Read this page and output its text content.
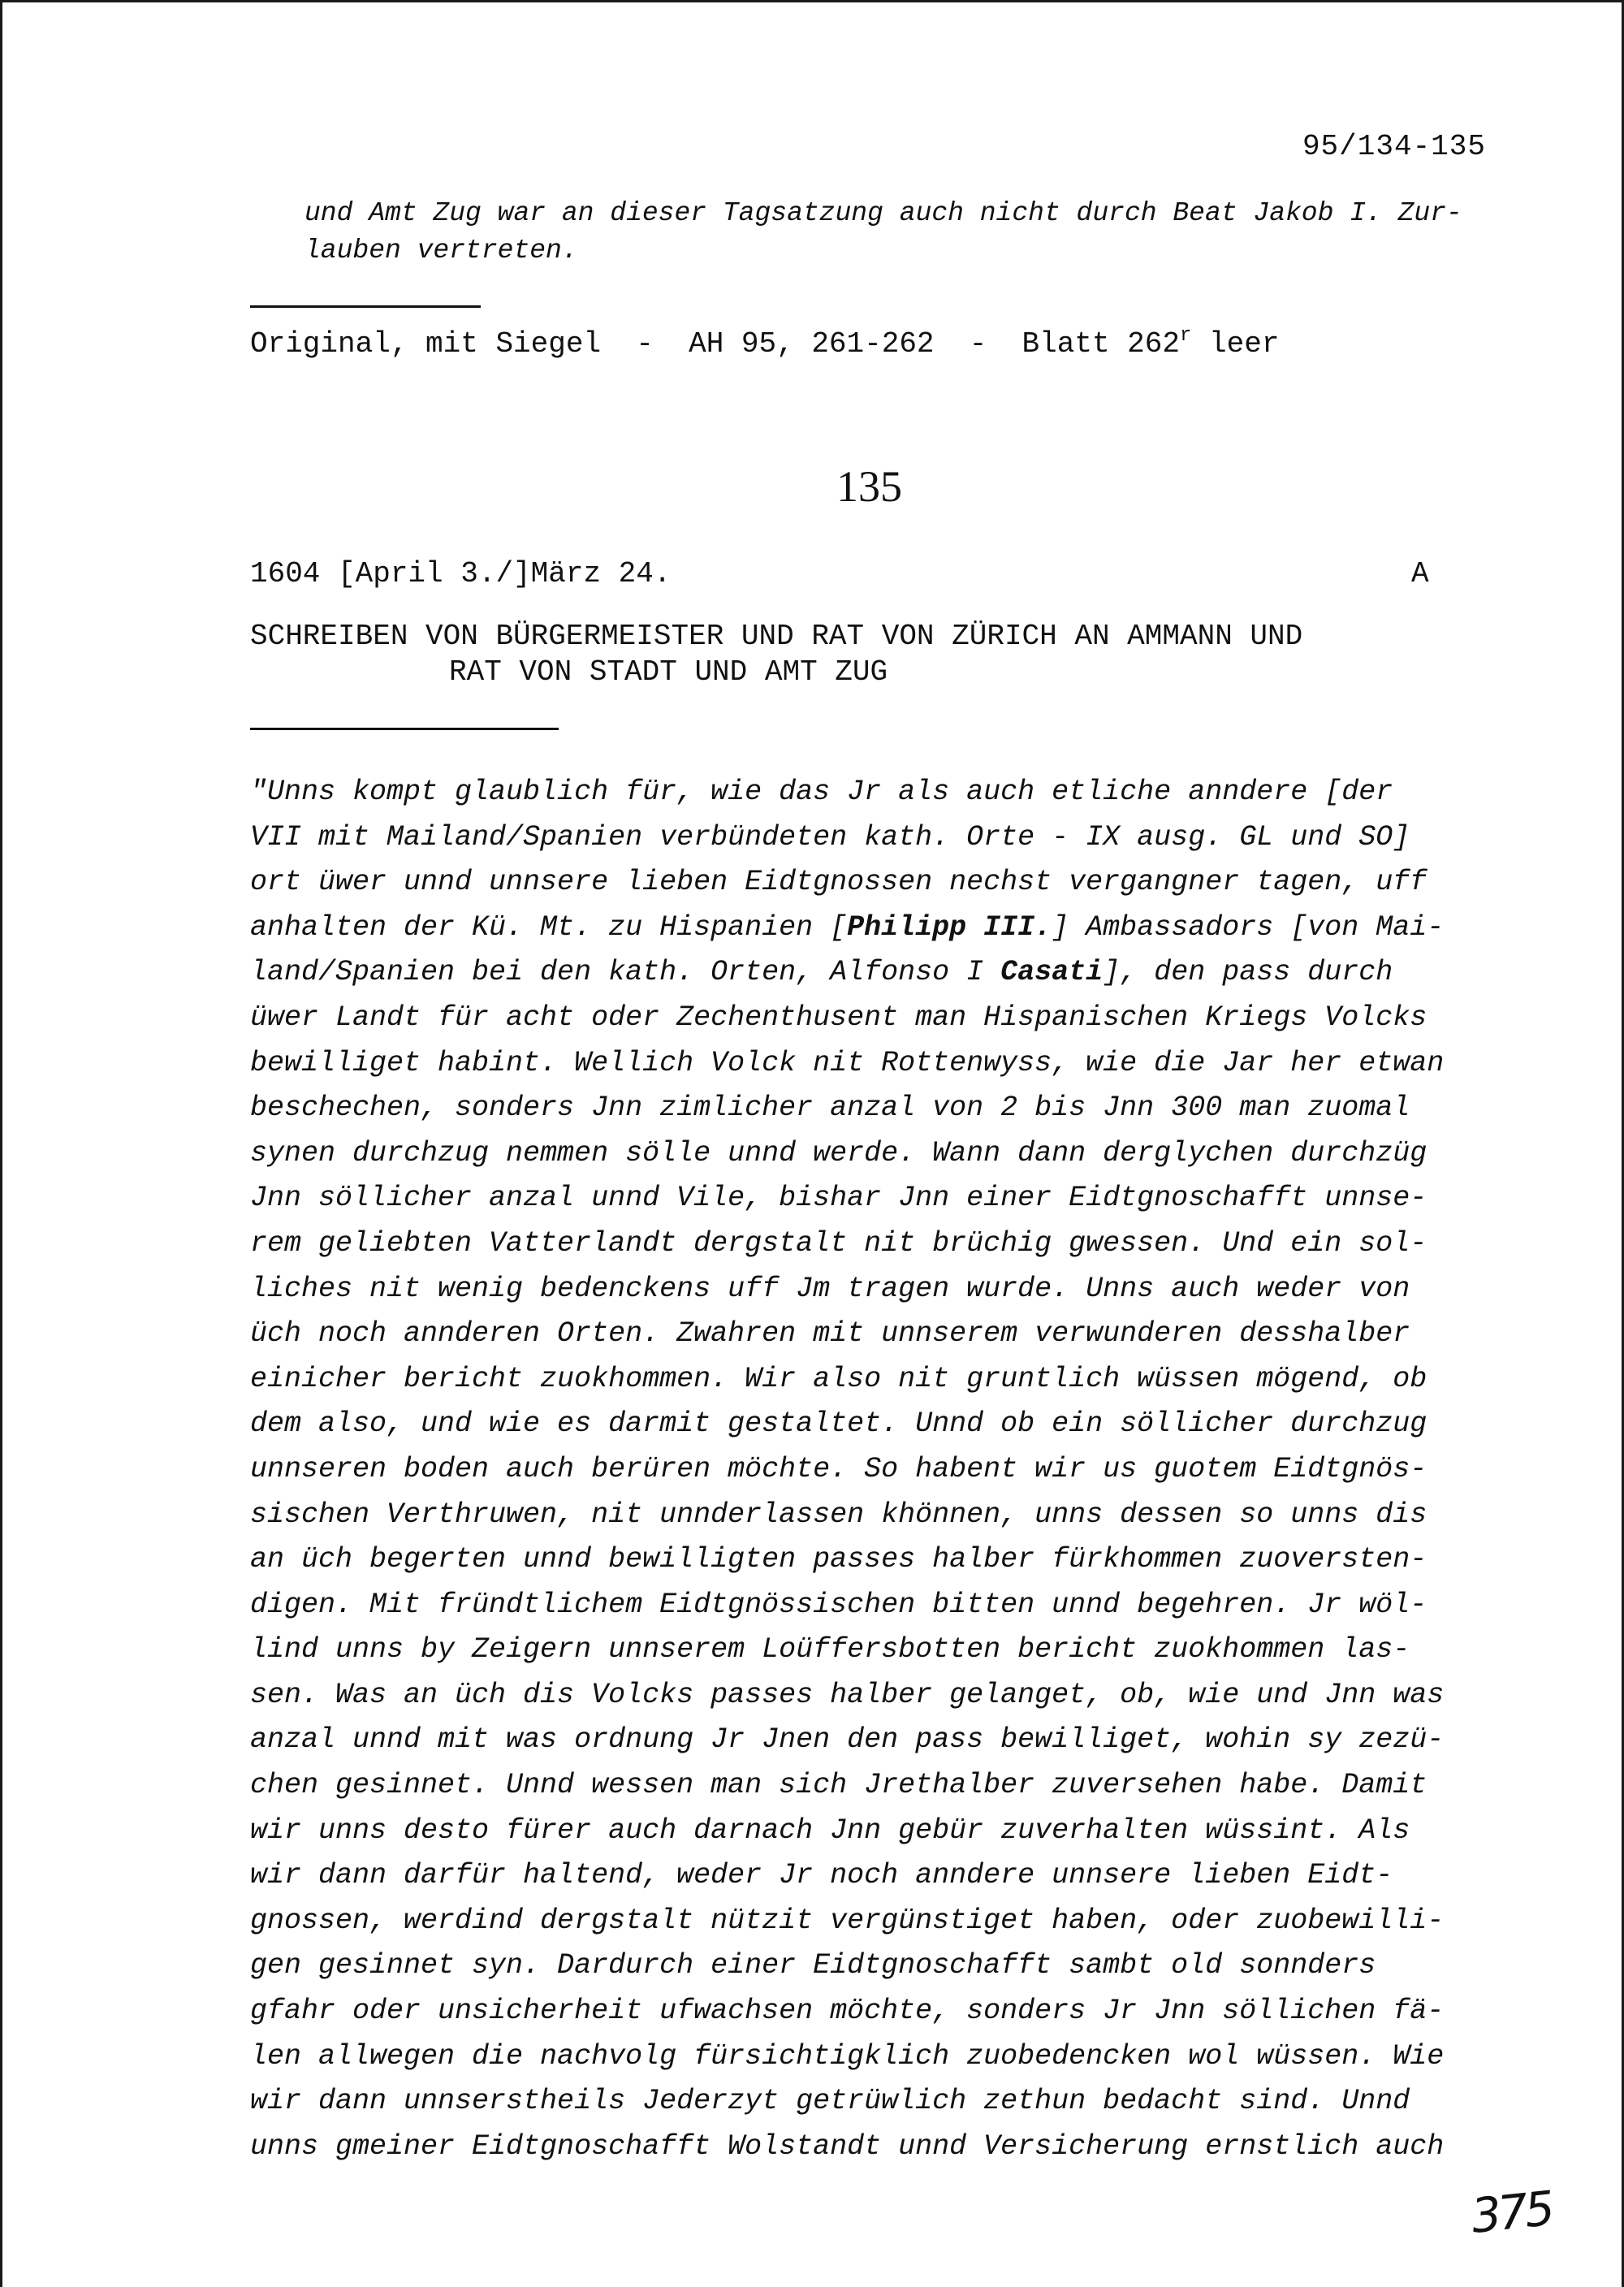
95/134-135

und Amt Zug war an dieser Tagsatzung auch nicht durch Beat Jakob I. Zur-
lauben vertreten.

Original, mit Siegel  -  AH 95, 261-262  -  Blatt 262$^r$ leer
135
1604 [April 3./]März 24.	A

SCHREIBEN VON BÜRGERMEISTER UND RAT VON ZÜRICH AN AMMANN UND
RAT VON STADT UND AMT ZUG

"Unns kompt glaublich für, wie das Jr als auch etliche anndere [der
VII mit Mailand/Spanien verbündeten kath. Orte - IX ausg. GL und SO]
ort üwer unnd unnsere lieben Eidtgnossen nechst vergangner tagen, uff
anhalten der Kü. Mt. zu Hispanien [Philipp III.] Ambassadors [von Mai-
land/Spanien bei den kath. Orten, Alfonso I Casati], den pass durch
üwer Landt für acht oder Zechenthusent man Hispanischen Kriegs Volcks
bewilliget habint. Wellich Volck nit Rottenwyss, wie die Jar her etwan
beschechen, sonders Jnn zimlicher anzal von 2 bis Jnn 300 man zuomal
synen durchzug nemmen sölle unnd werde. Wann dann derglychen durchzüg
Jnn söllicher anzal unnd Vile, bishar Jnn einer Eidtgnoschafft unnse-
rem geliebten Vatterlandt dergstalt nit brüchig gwessen. Und ein sol-
liches nit wenig bedenckens uff Jm tragen wurde. Unns auch weder von
üch noch annderen Orten. Zwahren mit unnserem verwunderen desshalber
einicher bericht zuokhommen. Wir also nit gruntlich wüssen mögend, ob
dem also, und wie es darmit gestaltet. Unnd ob ein söllicher durchzug
unnseren boden auch berüren möchte. So habent wir us guotem Eidtgnös-
sischen Verthruwen, nit unnderlassen khönnen, unns dessen so unns dis
an üch begerten unnd bewilligten passes halber fürkhommen zuoversten-
digen. Mit fründtlichem Eidtgnössischen bitten unnd begehren. Jr wöl-
lind unns by Zeigern unnserem Loüffersbotten bericht zuokhommen las-
sen. Was an üch dis Volcks passes halber gelanget, ob, wie und Jnn was
anzal unnd mit was ordnung Jr Jnen den pass bewilliget, wohin sy zezü-
chen gesinnet. Unnd wessen man sich Jrethalber zuversehen habe. Damit
wir unns desto fürer auch darnach Jnn gebür zuverhalten wüssint. Als
wir dann darfür haltend, weder Jr noch anndere unnsere lieben Eidt-
gnossen, werdind dergstalt nützit vergünstiget haben, oder zuobewilli-
gen gesinnet syn. Dardurch einer Eidtgnoschafft sambt old sonnders
gfahr oder unsicherheit ufwachsen möchte, sonders Jr Jnn söllichen fä-
len allwegen die nachvolg fürsichtigklich zuobedencken wol wüssen. Wie
wir dann unnserstheils Jederzyt getrüwlich zethun bedacht sind. Unnd
unns gmeiner Eidtgnoschafft Wolstandt unnd Versicherung ernstlich auch

375
